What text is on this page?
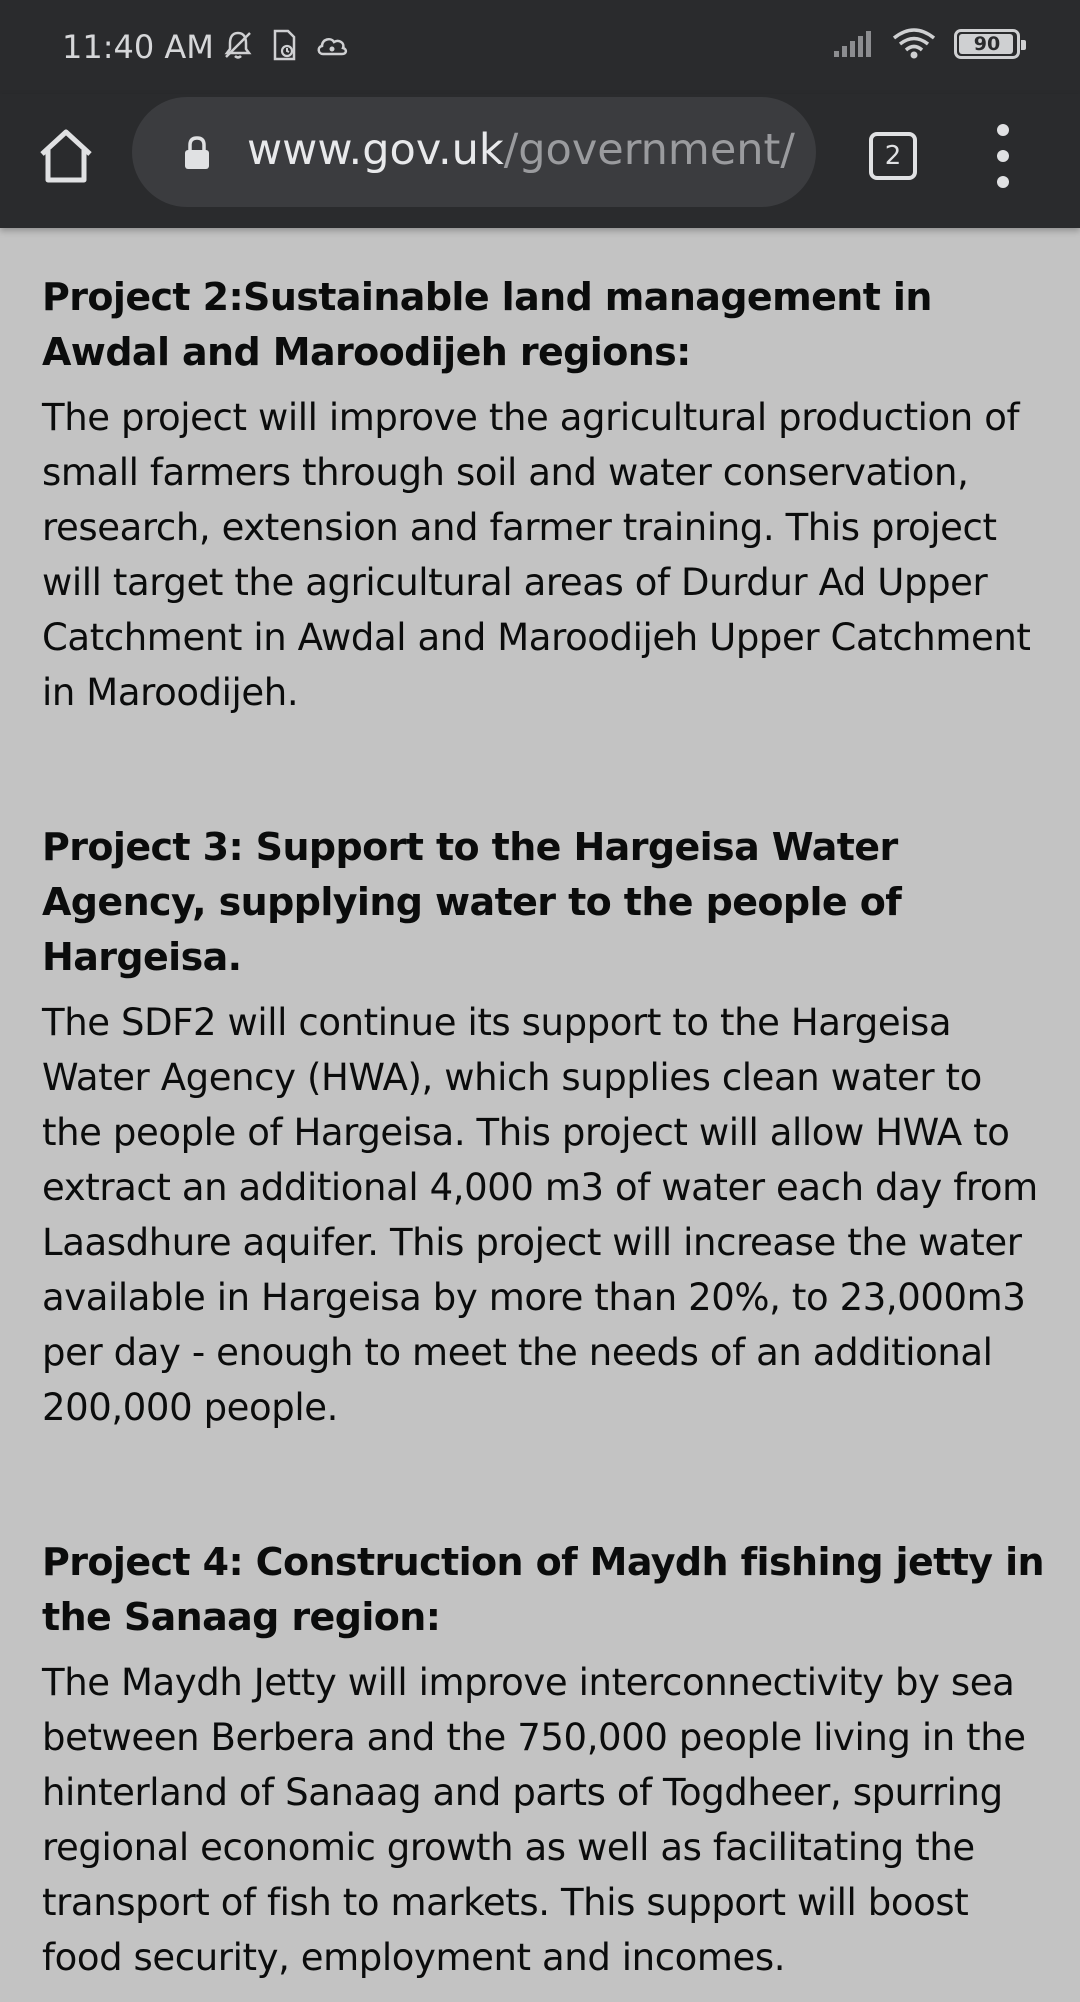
11:40 AM	90
www.gov.uk/government/	2
Project 2:Sustainable land management in Awdal and Maroodijeh regions:

The project will improve the agricultural production of small farmers through soil and water conservation, research, extension and farmer training. This project will target the agricultural areas of Durdur Ad Upper Catchment in Awdal and Maroodijeh Upper Catchment in Maroodijeh.

Project 3: Support to the Hargeisa Water Agency, supplying water to the people of Hargeisa.

The SDF2 will continue its support to the Hargeisa Water Agency (HWA), which supplies clean water to the people of Hargeisa. This project will allow HWA to extract an additional 4,000 m3 of water each day from Laasdhure aquifer. This project will increase the water available in Hargeisa by more than 20%, to 23,000m3 per day - enough to meet the needs of an additional 200,000 people.

Project 4: Construction of Maydh fishing jetty in the Sanaag region:

The Maydh Jetty will improve interconnectivity by sea between Berbera and the 750,000 people living in the hinterland of Sanaag and parts of Togdheer, spurring regional economic growth as well as facilitating the transport of fish to markets. This support will boost food security, employment and incomes.
